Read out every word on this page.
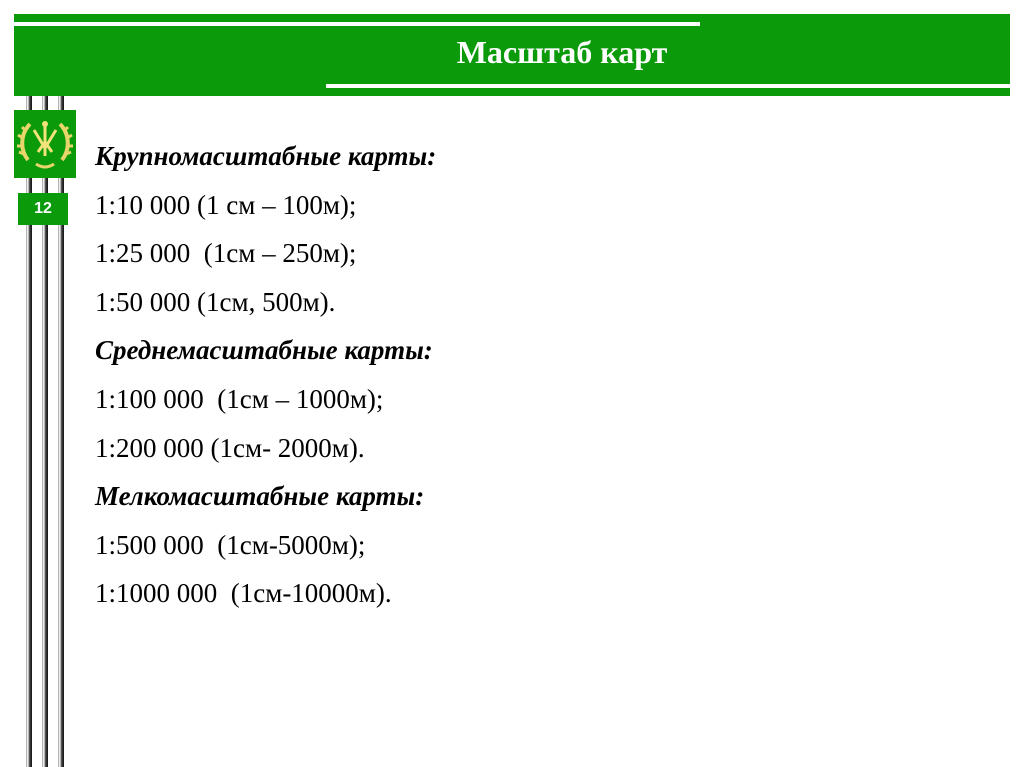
Масштаб карт
12

Крупномасштабные карты:

1:10 000 (1 см – 100м);

1:25 000  (1см – 250м);

1:50 000 (1см, 500м).

Среднемасштабные карты:

1:100 000  (1см – 1000м);

1:200 000 (1см- 2000м).

Мелкомасштабные карты:

1:500 000  (1см-5000м);

1:1000 000  (1см-10000м).
